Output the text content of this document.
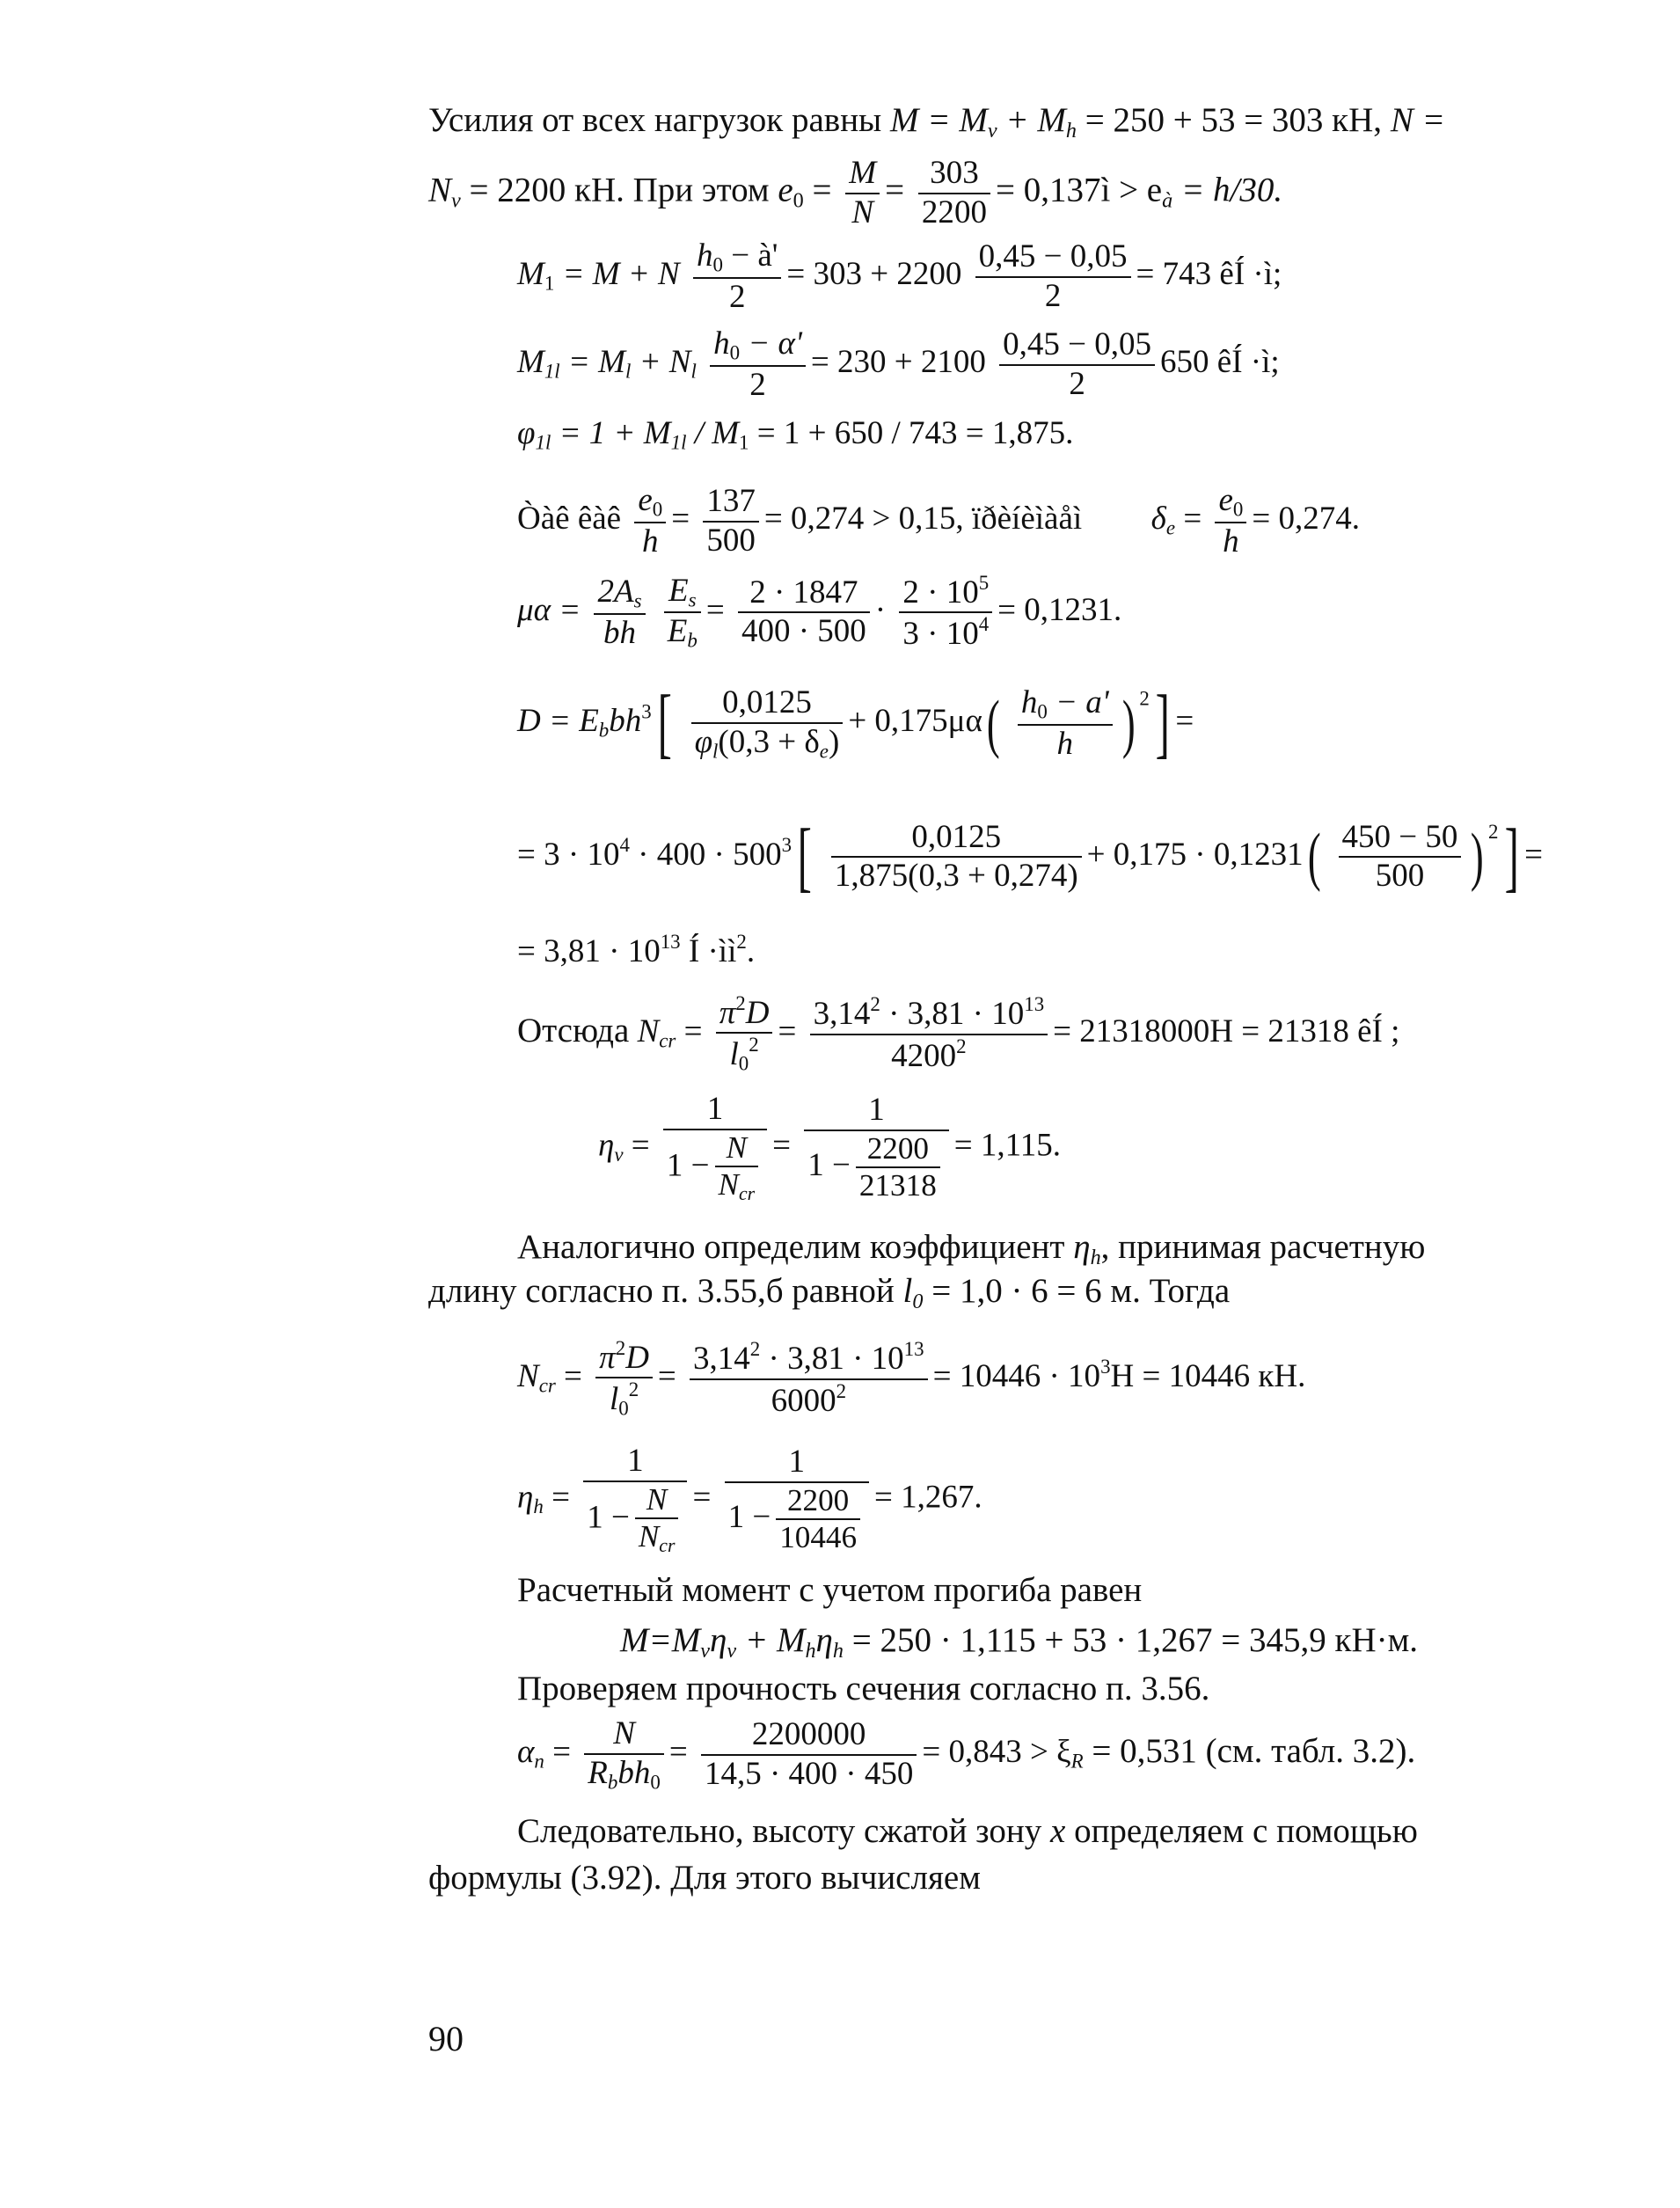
Усилия от всех нагрузок равны $M = M_v + M_h = 250 + 53 = 303$ кН, N =
$N_v = 2200$ кН. При этом $e_0 = \frac{M}{N} = \frac{303}{2200}$ = 0,137ì > $e_à = h/30$.
$M_1 = M + N \frac{h_0 - à'}{2} = 303 + 2200 \frac{0,45 - 0,05}{2} = 743$ êÍ ·ì;
$M_{1l} = M_l + N_l \frac{h_0 - \alpha'}{2} = 230 + 2100 \frac{0,45 - 0,05}{2} 650$ êÍ ·ì;
$\varphi_{1l} = 1 + M_{1l} / M_1 = 1 + 650 / 743 = 1,875$.
Òàê êàê $\frac{e_0}{h} = \frac{137}{500} = 0,274 > 0,15$, ïðèíèìàåì $\delta_e = \frac{e_0}{h} = 0,274$.
$\mu\alpha = \frac{2A_s}{bh}$
$\frac{E_s}{E_b} = \frac{2 \cdot 1847}{400 \cdot 500} \cdot \frac{2 \cdot 10^5}{3 \cdot 10^4} = 0,1231$.
$D = E_bbh^3[ \frac{0,0125}{\varphi_l(0,3 + \delta_e)} + 0,175\mu\alpha( \frac{h_0 - a'}{h}$ ) $^2$] =
= $3 \cdot 10^4 \cdot 400 \cdot 500^3[ \frac{0,0125}{1,875(0,3 + 0,274)} + 0,175 \cdot 0,1231( \frac{450 - 50}{500}$ ) $^2$] =
= $3,81 \cdot 10^{13}$ Í $\cdot ìì^2$.
Отсюда $N_{cr} = \frac{\pi^2D}{l_0^2} = \frac{3,14^2 \cdot 3,81 \cdot 10^{13}}{4200^2} = 21318000H = 21318$ êÍ ;
$\eta_v = \frac{1}{1 - \frac{N}{N_{cr}}} = \frac{1}{1 - \frac{2200}{21318}} = 1,115$.
Аналогично определим коэффициент $\eta_h$, принимая расчетную
длину согласно п. 3.55,б равной $l_0 = 1,0 \cdot 6 = 6$ м. Тогда
$N_{cr} = \frac{\pi^2D}{l_0^2} = \frac{3,14^2 \cdot 3,81 \cdot 10^{13}}{6000^2} = 10446 \cdot 10^3H = 10446$ кН.
$\eta_h = \frac{1}{1 - \frac{N}{N_{cr}}} = \frac{1}{1 - \frac{2200}{10446}} = 1,267$.
Расчетный момент с учетом прогиба равен
$M=M_v\eta_v + M_h\eta_h = 250 \cdot 1,115 + 53 \cdot 1,267 = 345,9$ кН·м.
Проверяем прочность сечения согласно п. 3.56.
$\alpha_n = \frac{N}{R_bbh_0} = \frac{2200000}{14,5 \cdot 400 \cdot 450} = 0,843 > \xi_R = 0,531$ (см. табл. 3.2).
Следовательно, высоту сжатой зону x определяем с помощью
формулы (3.92). Для этого вычисляем
90
